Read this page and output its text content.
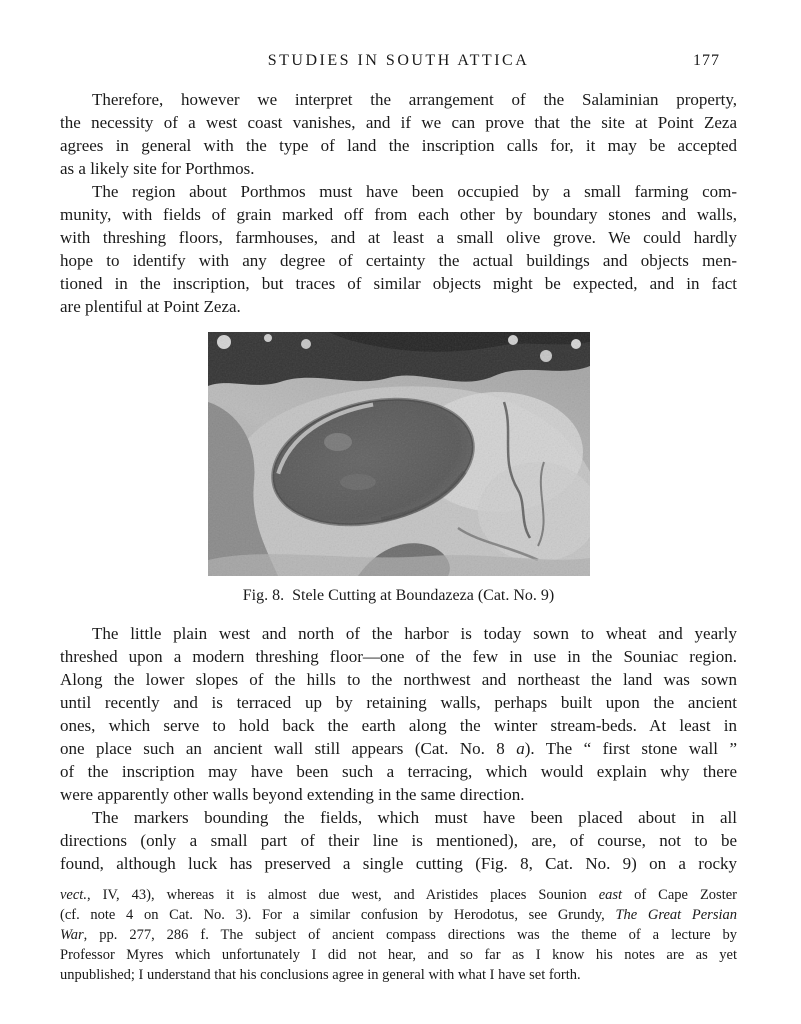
STUDIES IN SOUTH ATTICA	177
Therefore, however we interpret the arrangement of the Salaminian property,
the necessity of a west coast vanishes, and if we can prove that the site at Point Zeza
agrees in general with the type of land the inscription calls for, it may be accepted
as a likely site for Porthmos.
The region about Porthmos must have been occupied by a small farming com-
munity, with fields of grain marked off from each other by boundary stones and walls,
with threshing floors, farmhouses, and at least a small olive grove. We could hardly
hope to identify with any degree of certainty the actual buildings and objects men-
tioned in the inscription, but traces of similar objects might be expected, and in fact
are plentiful at Point Zeza.
Fig. 8.  Stele Cutting at Boundazeza (Cat. No. 9)
The little plain west and north of the harbor is today sown to wheat and yearly
threshed upon a modern threshing floor—one of the few in use in the Souniac region.
Along the lower slopes of the hills to the northwest and northeast the land was sown
until recently and is terraced up by retaining walls, perhaps built upon the ancient
ones, which serve to hold back the earth along the winter stream-beds. At least in
one place such an ancient wall still appears (Cat. No. 8 a). The “ first stone wall ”
of the inscription may have been such a terracing, which would explain why there
were apparently other walls beyond extending in the same direction.
The markers bounding the fields, which must have been placed about in all
directions (only a small part of their line is mentioned), are, of course, not to be
found, although luck has preserved a single cutting (Fig. 8, Cat. No. 9) on a rocky
vect., IV, 43), whereas it is almost due west, and Aristides places Sounion east of Cape Zoster
(cf. note 4 on Cat. No. 3). For a similar confusion by Herodotus, see Grundy, The Great Persian
War, pp. 277, 286 f. The subject of ancient compass directions was the theme of a lecture by
Professor Myres which unfortunately I did not hear, and so far as I know his notes are as yet
unpublished; I understand that his conclusions agree in general with what I have set forth.
